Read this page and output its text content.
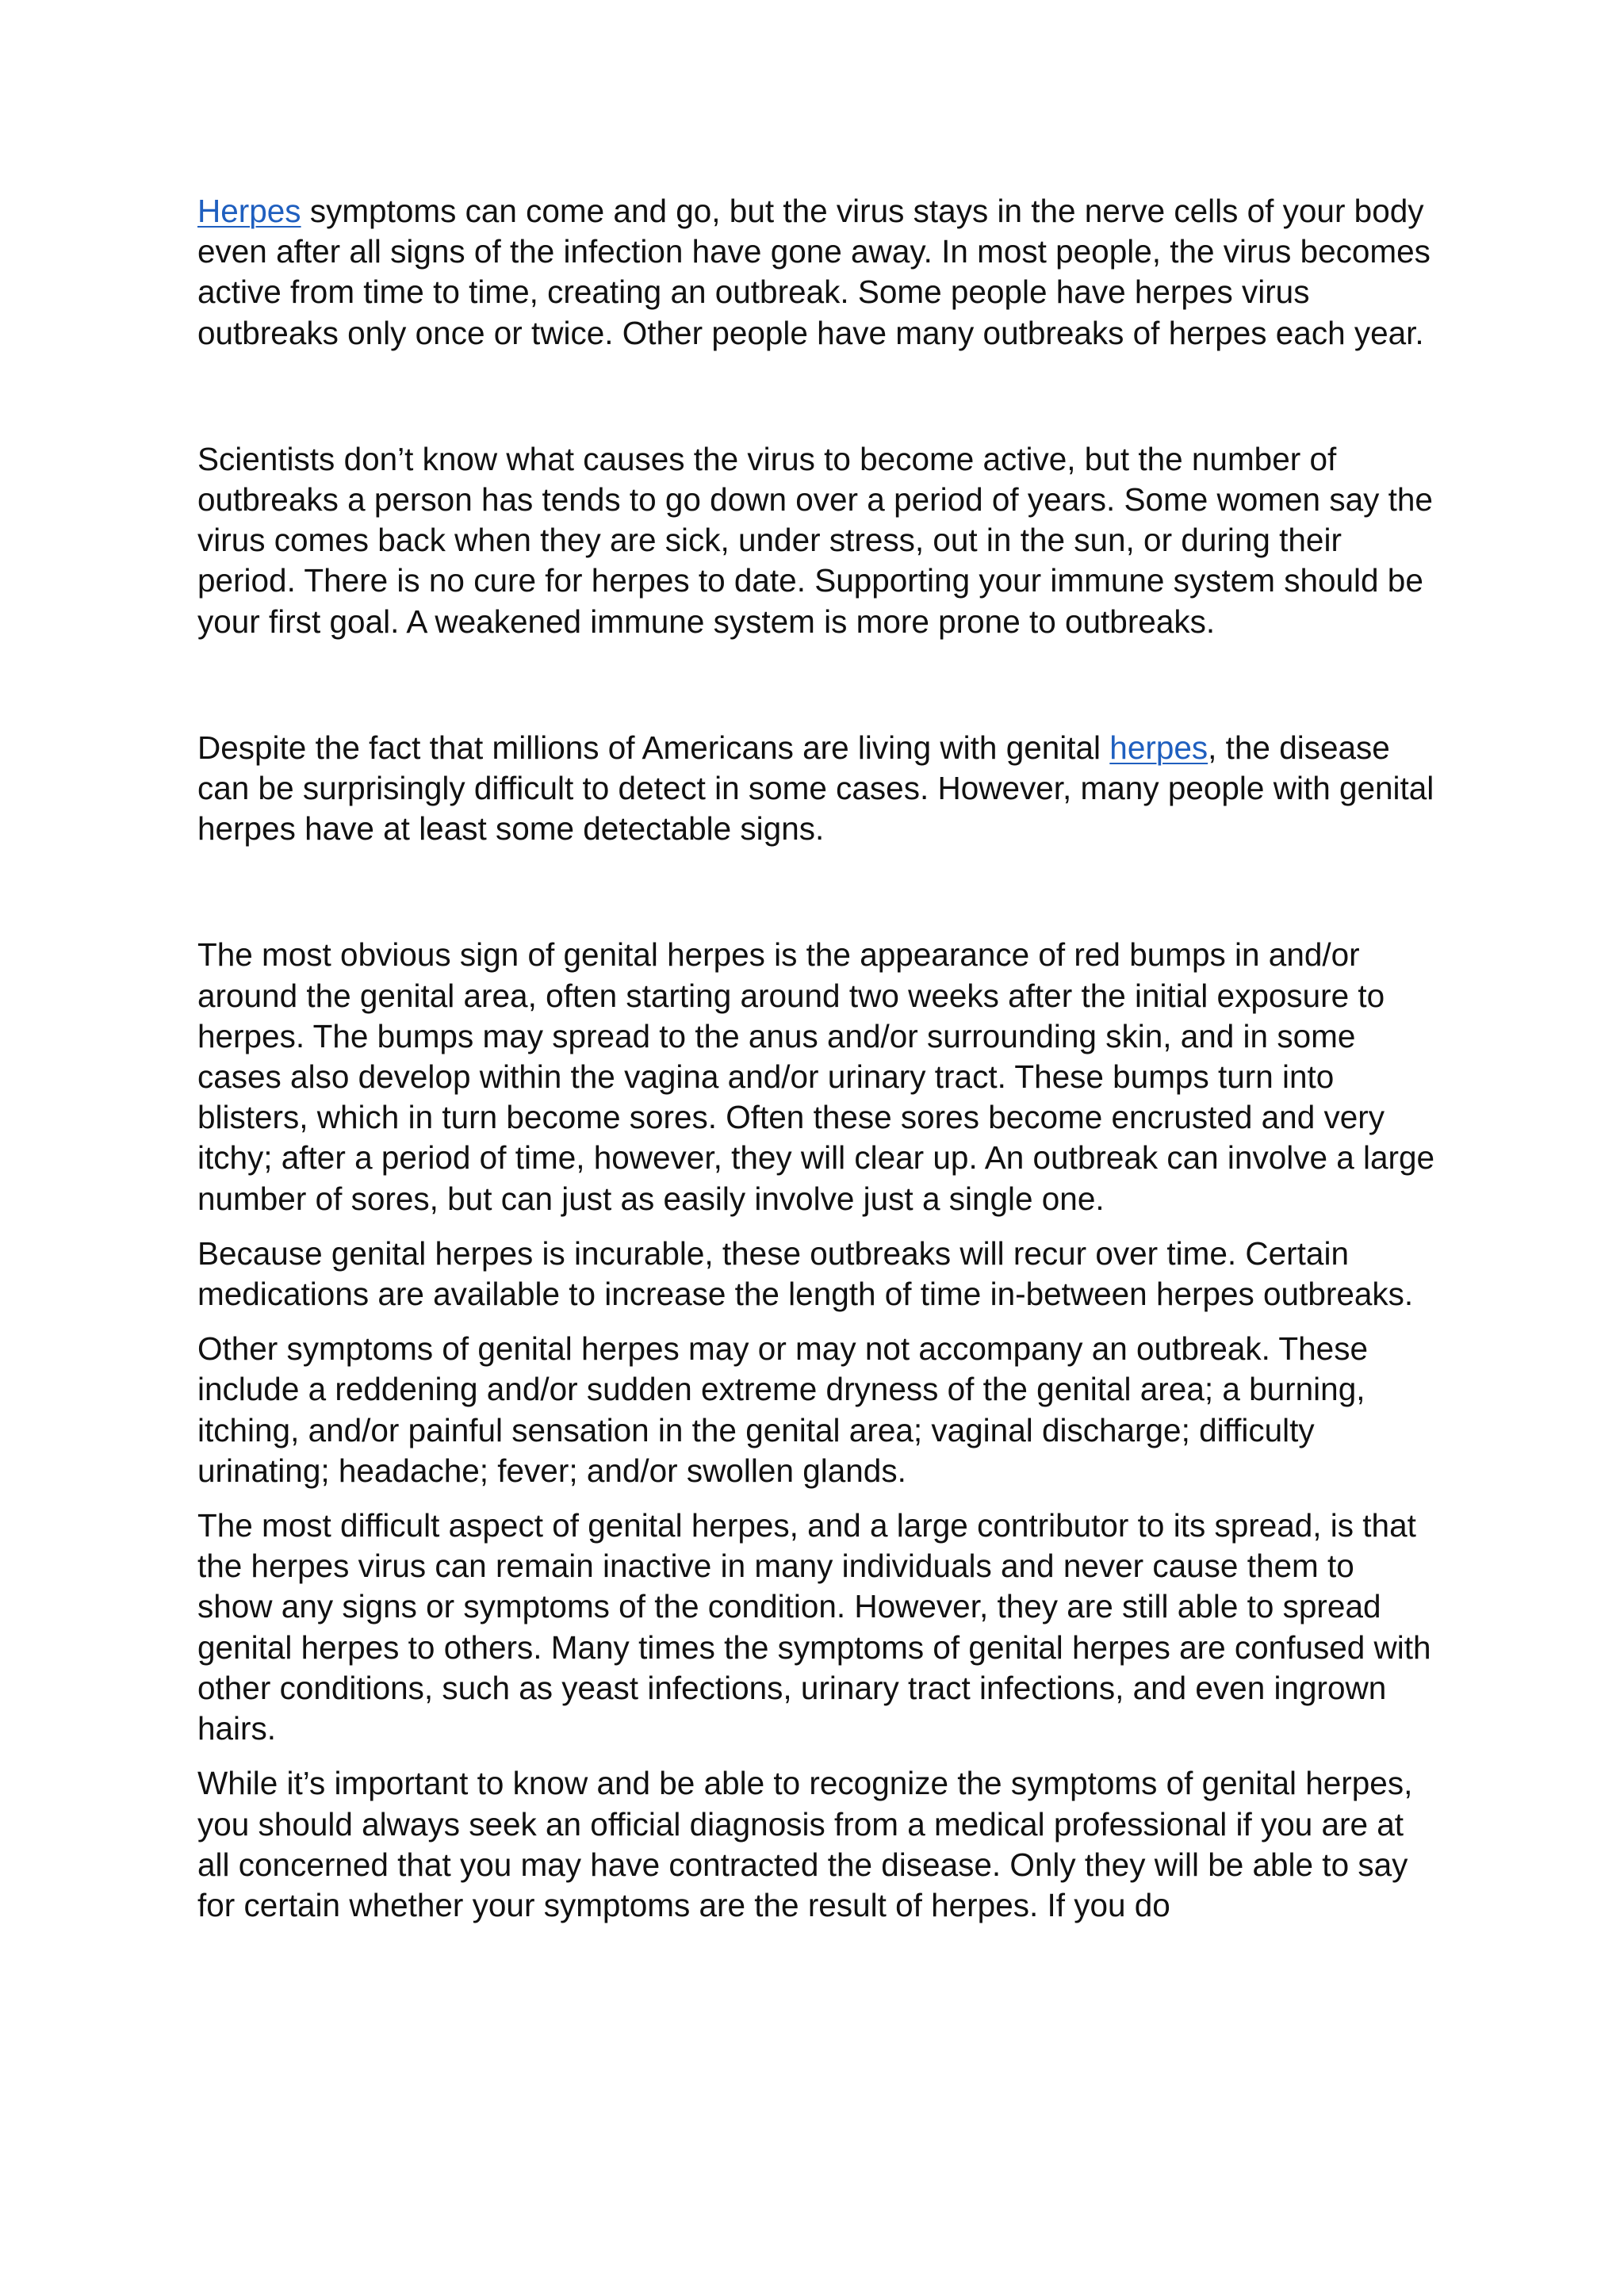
Herpes symptoms can come and go, but the virus stays in the nerve cells of your body even after all signs of the infection have gone away. In most people, the virus becomes active from time to time, creating an outbreak. Some people have herpes virus outbreaks only once or twice. Other people have many outbreaks of herpes each year.

Scientists don’t know what causes the virus to become active, but the number of outbreaks a person has tends to go down over a period of years. Some women say the virus comes back when they are sick, under stress, out in the sun, or during their period. There is no cure for herpes to date. Supporting your immune system should be your first goal. A weakened immune system is more prone to outbreaks.

Despite the fact that millions of Americans are living with genital herpes, the disease can be surprisingly difficult to detect in some cases. However, many people with genital herpes have at least some detectable signs.

The most obvious sign of genital herpes is the appearance of red bumps in and/or around the genital area, often starting around two weeks after the initial exposure to herpes. The bumps may spread to the anus and/or surrounding skin, and in some cases also develop within the vagina and/or urinary tract. These bumps turn into blisters, which in turn become sores. Often these sores become encrusted and very itchy; after a period of time, however, they will clear up. An outbreak can involve a large number of sores, but can just as easily involve just a single one.

Because genital herpes is incurable, these outbreaks will recur over time. Certain medications are available to increase the length of time in-between herpes outbreaks.

Other symptoms of genital herpes may or may not accompany an outbreak. These include a reddening and/or sudden extreme dryness of the genital area; a burning, itching, and/or painful sensation in the genital area; vaginal discharge; difficulty urinating; headache; fever; and/or swollen glands.

The most difficult aspect of genital herpes, and a large contributor to its spread, is that the herpes virus can remain inactive in many individuals and never cause them to show any signs or symptoms of the condition. However, they are still able to spread genital herpes to others. Many times the symptoms of genital herpes are confused with other conditions, such as yeast infections, urinary tract infections, and even ingrown hairs.

While it’s important to know and be able to recognize the symptoms of genital herpes, you should always seek an official diagnosis from a medical professional if you are at all concerned that you may have contracted the disease. Only they will be able to say for certain whether your symptoms are the result of herpes. If you do
